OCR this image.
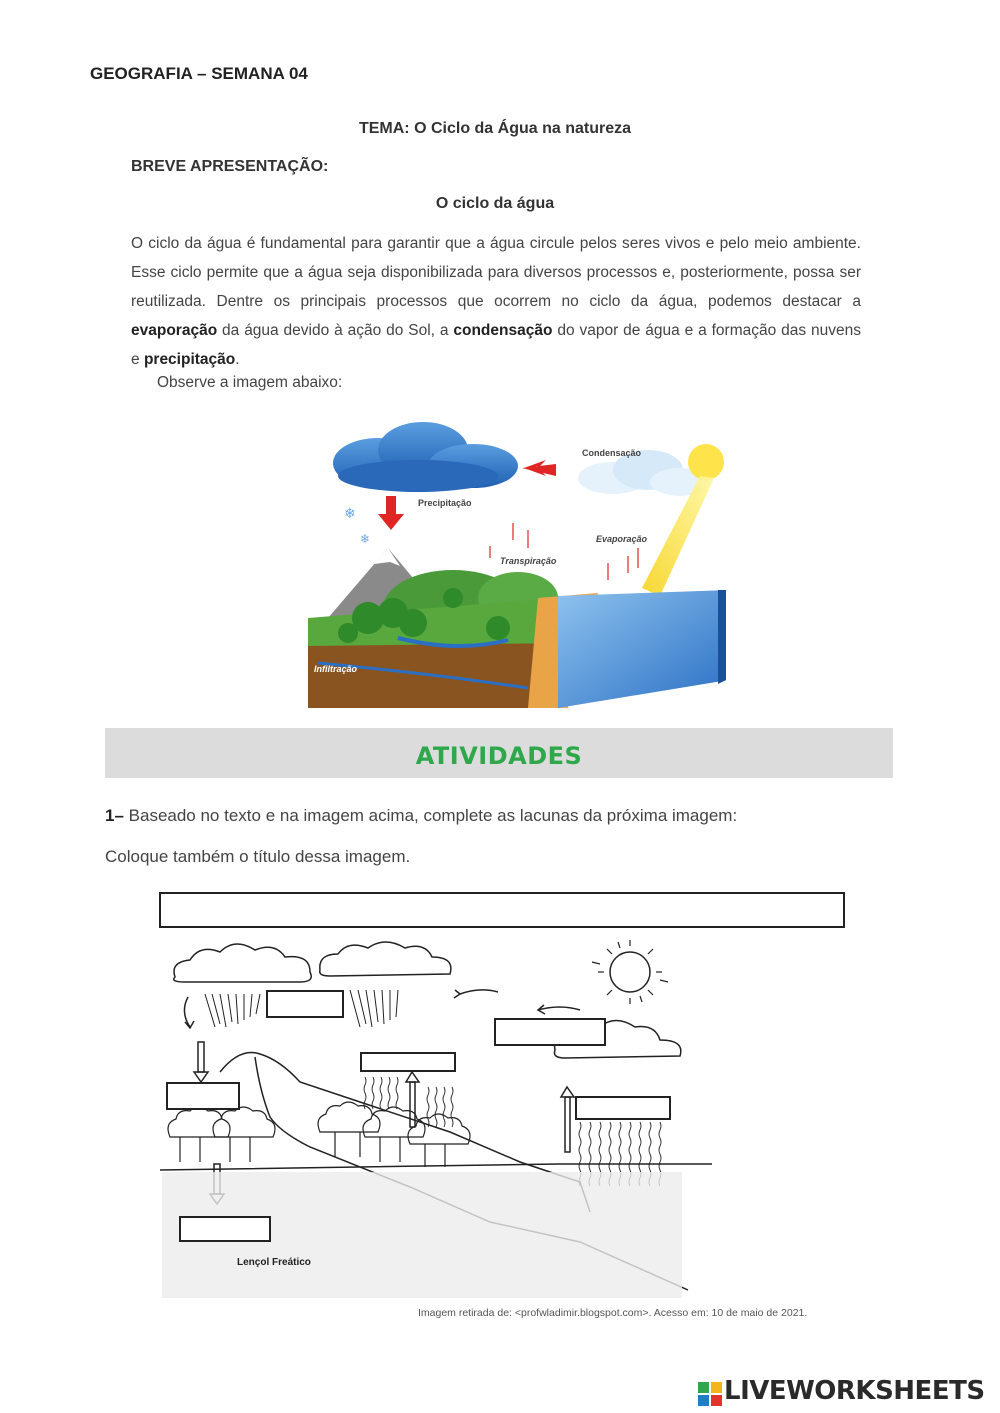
GEOGRAFIA – SEMANA 04
TEMA: O Ciclo da Água na natureza
BREVE APRESENTAÇÃO:
O ciclo da água
O ciclo da água é fundamental para garantir que a água circule pelos seres vivos e pelo meio ambiente. Esse ciclo permite que a água seja disponibilizada para diversos processos e, posteriormente, possa ser reutilizada. Dentre os principais processos que ocorrem no ciclo da água, podemos destacar a evaporação da água devido à ação do Sol, a condensação do vapor de água e a formação das nuvens e precipitação.
Observe a imagem abaixo:
❄
❄
Condensação
Precipitação
Evaporação
Transpiração
Infiltração
ATIVIDADES
1– Baseado no texto e na imagem acima, complete as lacunas da próxima imagem:
Coloque também o título dessa imagem.
Lençol Freático
Imagem retirada de: <profwladimir.blogspot.com>. Acesso em: 10 de maio de 2021.
LIVEWORKSHEETS
